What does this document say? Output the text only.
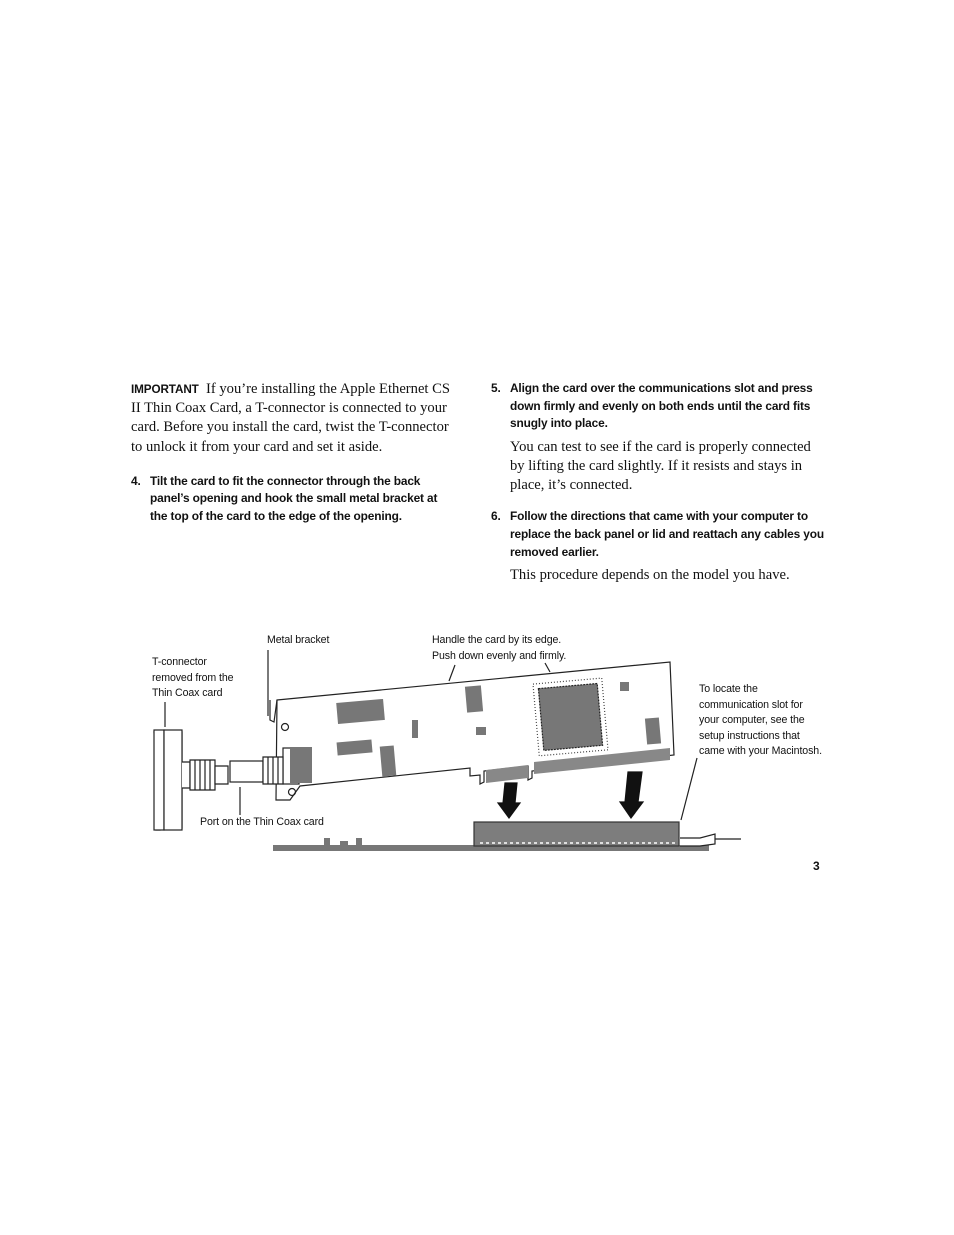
IMPORTANT If you’re installing the Apple Ethernet CS II Thin Coax Card, a T-connector is connected to your card. Before you install the card, twist the T-connector to unlock it from your card and set it aside.

4. Tilt the card to fit the connector through the back panel’s opening and hook the small metal bracket at the top of the card to the edge of the opening.

5. Align the card over the communications slot and press down firmly and evenly on both ends until the card fits snugly into place.

You can test to see if the card is properly connected by lifting the card slightly. If it resists and stays in place, it’s connected.

6. Follow the directions that came with your computer to replace the back panel or lid and reattach any cables you removed earlier.

This procedure depends on the model you have.

Metal bracket	Handle the card by its edge.
Push down evenly and firmly.
T-connector
removed from the
Thin Coax card	To locate the
communication slot for
your computer, see the
setup instructions that
came with your Macintosh.
Port on the Thin Coax card
3
